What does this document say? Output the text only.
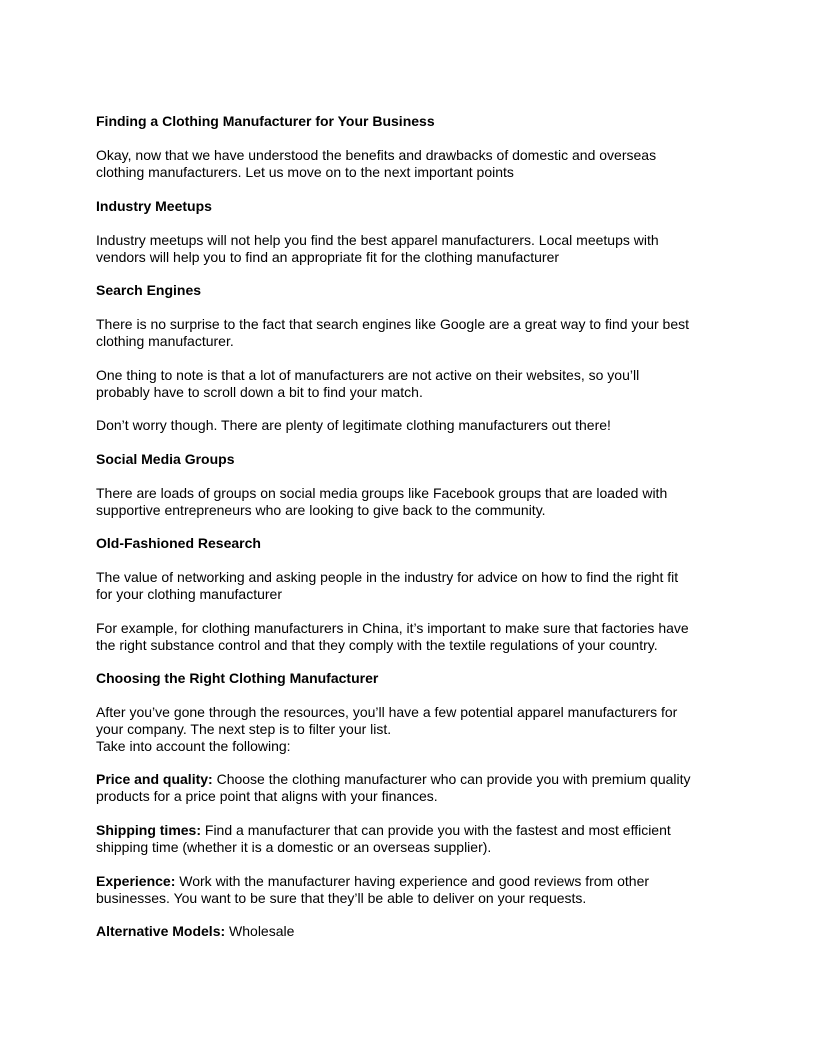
Finding a Clothing Manufacturer for Your Business
Okay, now that we have understood the benefits and drawbacks of domestic and overseas
clothing manufacturers. Let us move on to the next important points
Industry Meetups
Industry meetups will not help you find the best apparel manufacturers. Local meetups with
vendors will help you to find an appropriate fit for the clothing manufacturer
Search Engines
There is no surprise to the fact that search engines like Google are a great way to find your best
clothing manufacturer.
One thing to note is that a lot of manufacturers are not active on their websites, so you’ll
probably have to scroll down a bit to find your match.
Don’t worry though. There are plenty of legitimate clothing manufacturers out there!
Social Media Groups
There are loads of groups on social media groups like Facebook groups that are loaded with
supportive entrepreneurs who are looking to give back to the community.
Old-Fashioned Research
The value of networking and asking people in the industry for advice on how to find the right fit
for your clothing manufacturer
For example, for clothing manufacturers in China, it’s important to make sure that factories have
the right substance control and that they comply with the textile regulations of your country.
Choosing the Right Clothing Manufacturer
After you’ve gone through the resources, you’ll have a few potential apparel manufacturers for
your company. The next step is to filter your list.
Take into account the following:
Price and quality: Choose the clothing manufacturer who can provide you with premium quality
products for a price point that aligns with your finances.
Shipping times: Find a manufacturer that can provide you with the fastest and most efficient
shipping time (whether it is a domestic or an overseas supplier).
Experience: Work with the manufacturer having experience and good reviews from other
businesses. You want to be sure that they’ll be able to deliver on your requests.
Alternative Models: Wholesale
